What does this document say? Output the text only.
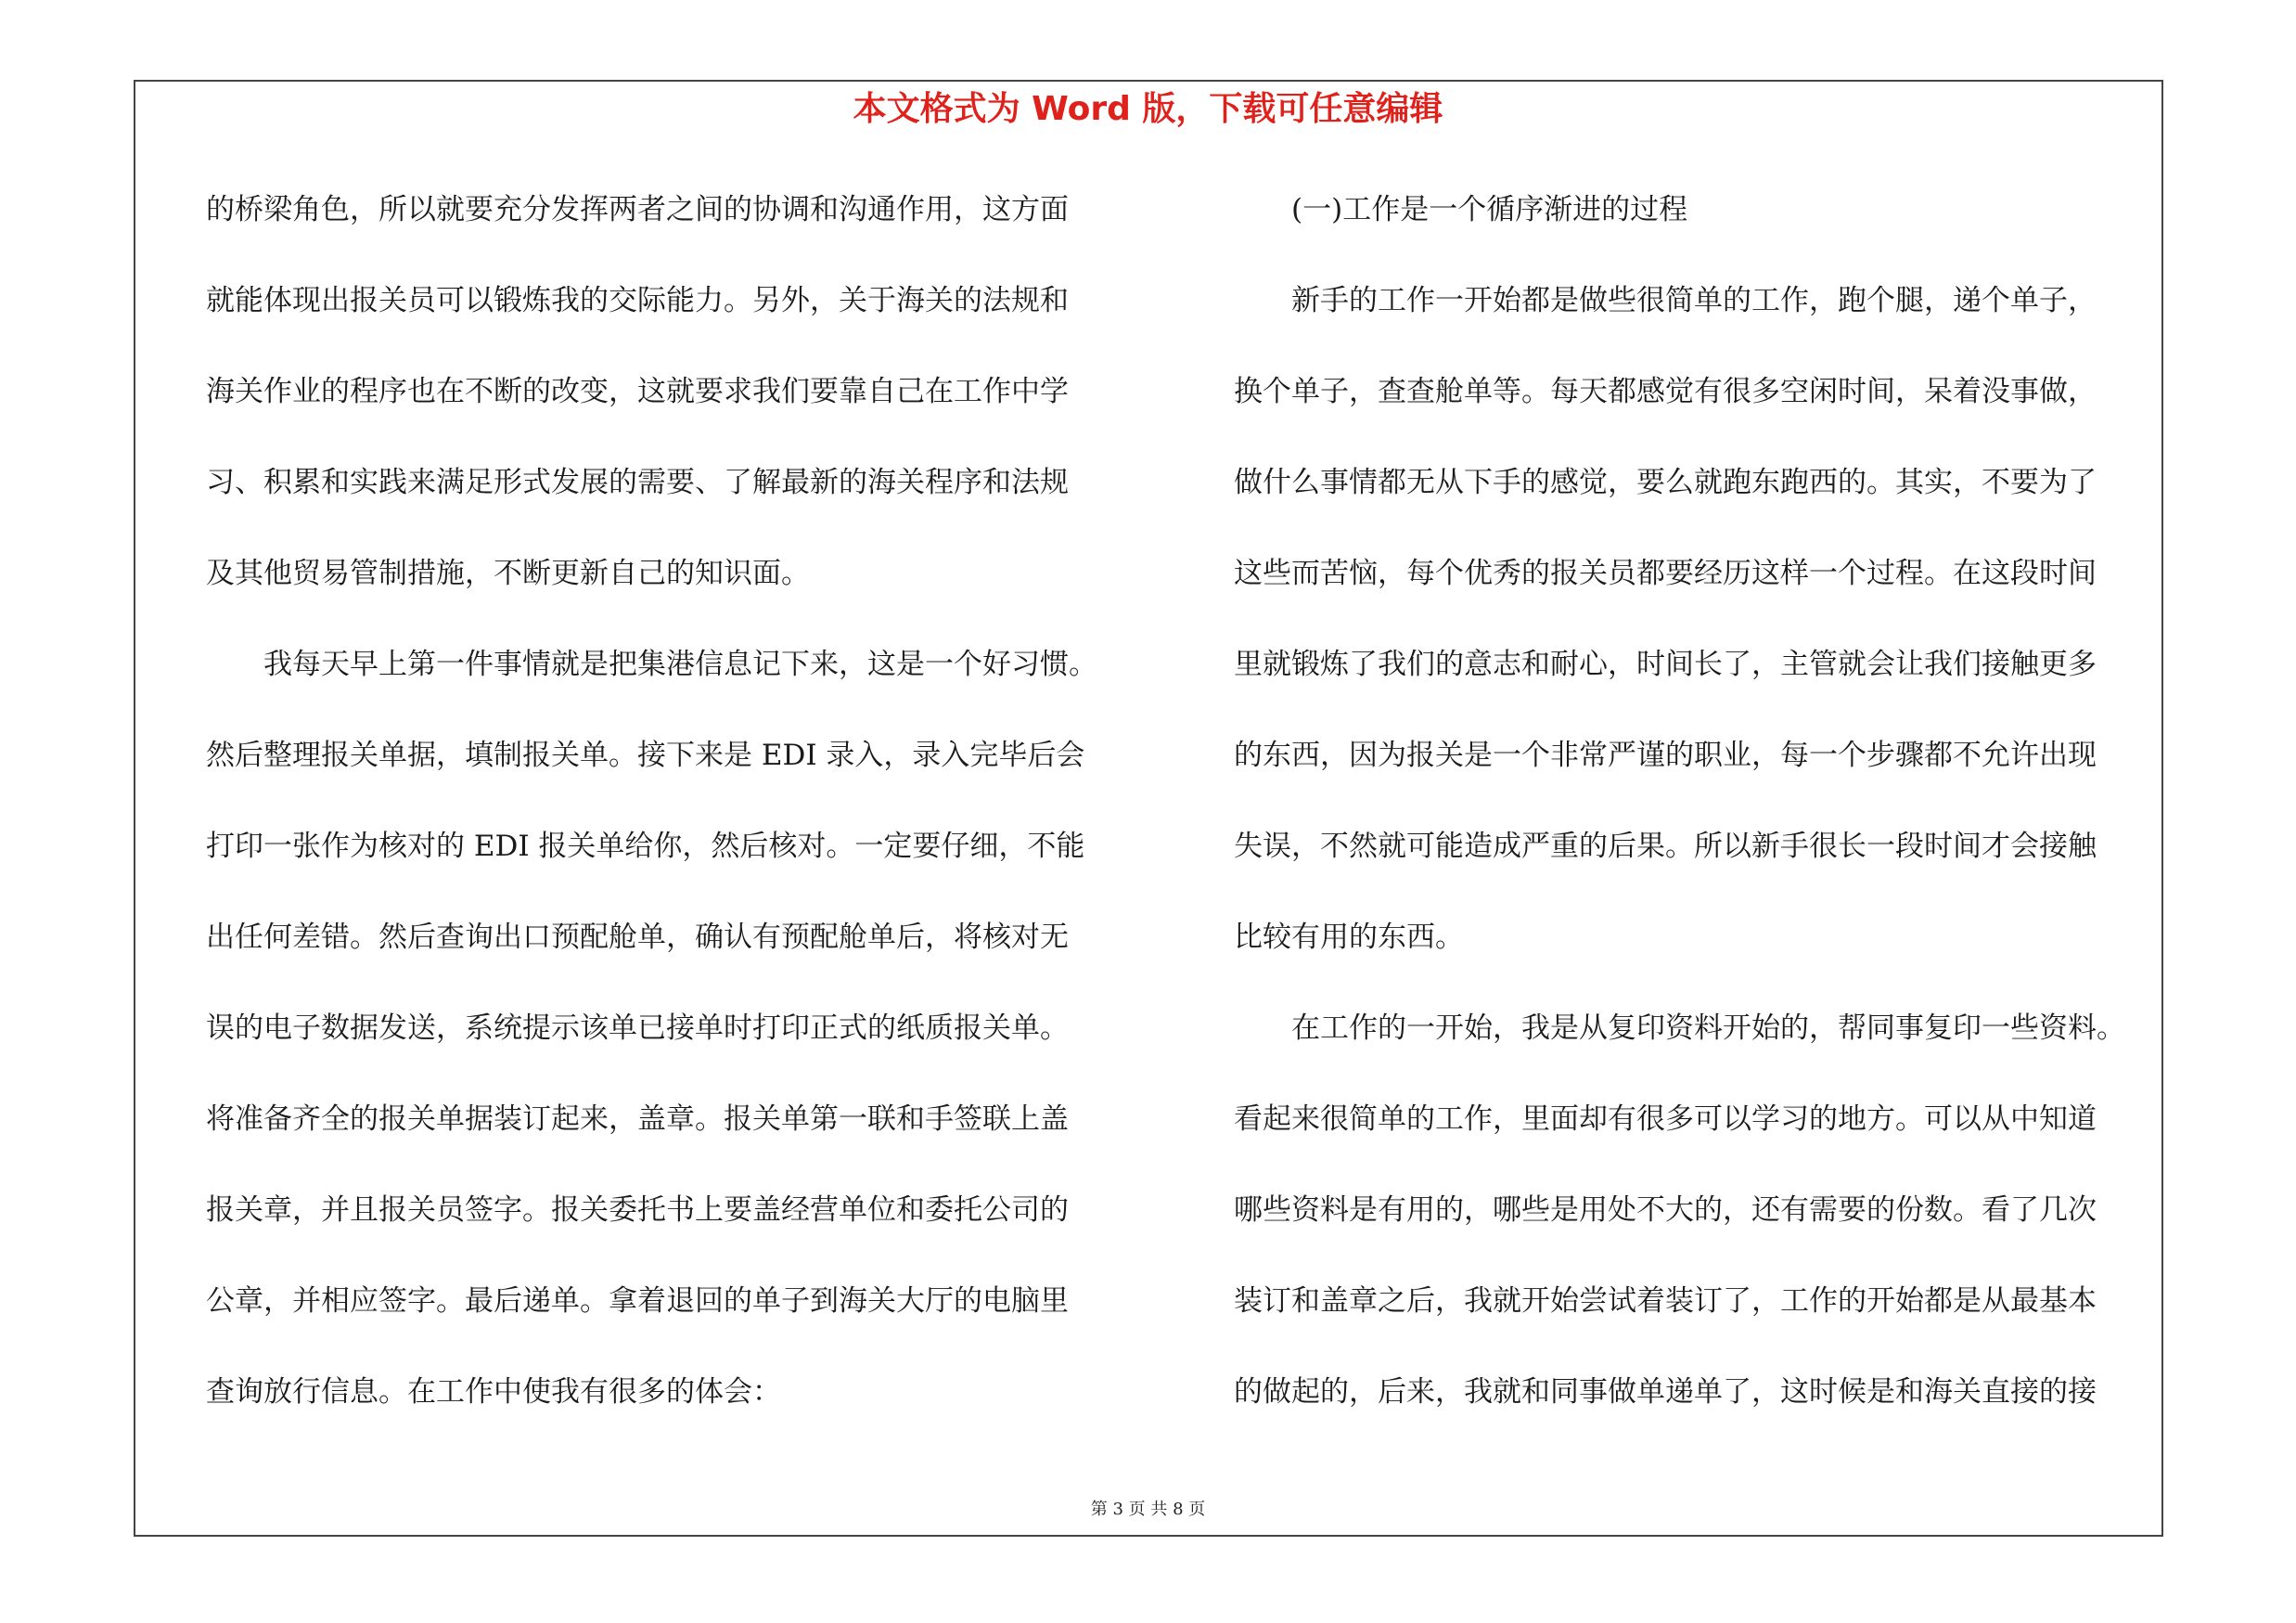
本文格式为 Word 版，下载可任意编辑
的桥梁角色，所以就要充分发挥两者之间的协调和沟通作用，这方面
就能体现出报关员可以锻炼我的交际能力。另外，关于海关的法规和
海关作业的程序也在不断的改变，这就要求我们要靠自己在工作中学
习、积累和实践来满足形式发展的需要、了解最新的海关程序和法规
及其他贸易管制措施，不断更新自己的知识面。
　　我每天早上第一件事情就是把集港信息记下来，这是一个好习惯。
然后整理报关单据，填制报关单。接下来是 EDI 录入，录入完毕后会
打印一张作为核对的 EDI 报关单给你，然后核对。一定要仔细，不能
出任何差错。然后查询出口预配舱单，确认有预配舱单后，将核对无
误的电子数据发送，系统提示该单已接单时打印正式的纸质报关单。
将准备齐全的报关单据装订起来，盖章。报关单第一联和手签联上盖
报关章，并且报关员签字。报关委托书上要盖经营单位和委托公司的
公章，并相应签字。最后递单。拿着退回的单子到海关大厅的电脑里
查询放行信息。在工作中使我有很多的体会：
　　(一)工作是一个循序渐进的过程
　　新手的工作一开始都是做些很简单的工作，跑个腿，递个单子，
换个单子，查查舱单等。每天都感觉有很多空闲时间，呆着没事做，
做什么事情都无从下手的感觉，要么就跑东跑西的。其实，不要为了
这些而苦恼，每个优秀的报关员都要经历这样一个过程。在这段时间
里就锻炼了我们的意志和耐心，时间长了，主管就会让我们接触更多
的东西，因为报关是一个非常严谨的职业，每一个步骤都不允许出现
失误，不然就可能造成严重的后果。所以新手很长一段时间才会接触
比较有用的东西。
　　在工作的一开始，我是从复印资料开始的，帮同事复印一些资料。
看起来很简单的工作，里面却有很多可以学习的地方。可以从中知道
哪些资料是有用的，哪些是用处不大的，还有需要的份数。看了几次
装订和盖章之后，我就开始尝试着装订了，工作的开始都是从最基本
的做起的，后来，我就和同事做单递单了，这时候是和海关直接的接
第 3 页 共 8 页
